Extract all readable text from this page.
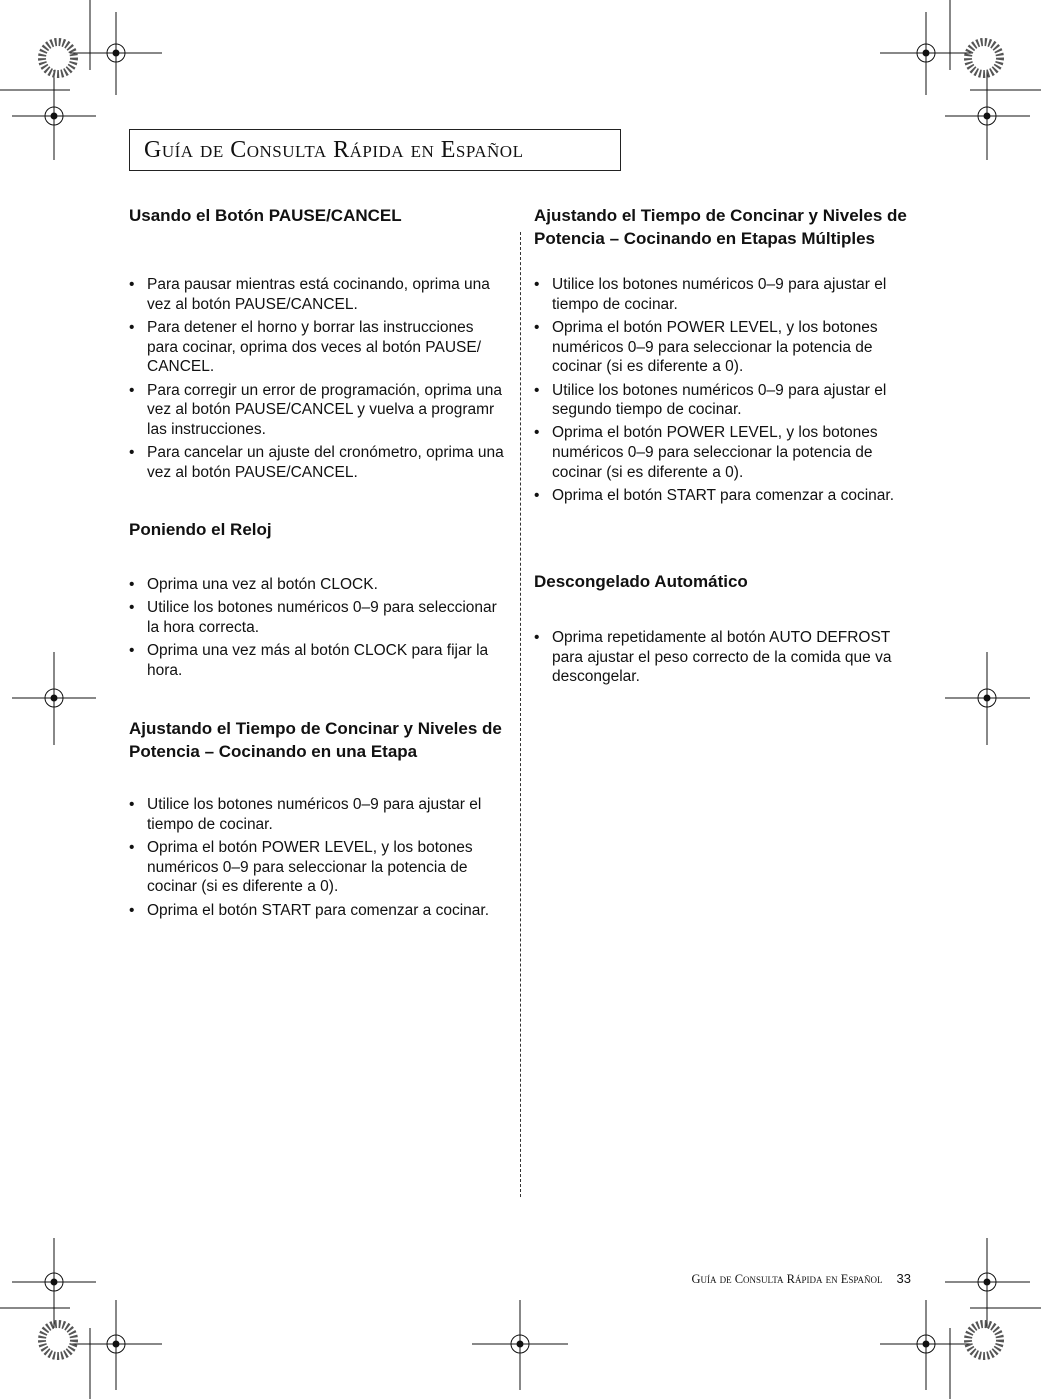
Guía de Consulta Rápida en Español
Usando el Botón PAUSE/CANCEL
• Para pausar mientras está cocinando, oprima una vez al botón PAUSE/CANCEL.
• Para detener el horno y borrar las instrucciones para cocinar, oprima dos veces al botón PAUSE/ CANCEL.
• Para corregir un error de programación, oprima una vez al botón PAUSE/CANCEL y vuelva a programr las instrucciones.
• Para cancelar un ajuste del cronómetro, oprima una vez al botón PAUSE/CANCEL.
Poniendo el Reloj
• Oprima una vez al botón CLOCK.
• Utilice los botones numéricos 0–9 para seleccionar la hora correcta.
• Oprima una vez más al botón CLOCK para fijar la hora.
Ajustando el Tiempo de Concinar y Niveles de Potencia – Cocinando en una Etapa
• Utilice los botones numéricos 0–9 para ajustar el tiempo de cocinar.
• Oprima el botón POWER LEVEL, y los botones numéricos 0–9 para seleccionar la potencia de cocinar (si es diferente a 0).
• Oprima el botón START para comenzar a cocinar.
Ajustando el Tiempo de Concinar y Niveles de Potencia – Cocinando en Etapas Múltiples
• Utilice los botones numéricos 0–9 para ajustar el tiempo de cocinar.
• Oprima el botón POWER LEVEL, y los botones numéricos 0–9 para seleccionar la potencia de cocinar (si es diferente a 0).
• Utilice los botones numéricos 0–9 para ajustar el segundo tiempo de cocinar.
• Oprima el botón POWER LEVEL, y los botones numéricos 0–9 para seleccionar la potencia de cocinar (si es diferente a 0).
• Oprima el botón START para comenzar a cocinar.
Descongelado Automático
• Oprima repetidamente al botón AUTO DEFROST para ajustar el peso correcto de la comida que va descongelar.
Guía de Consulta Rápida en Español 33
